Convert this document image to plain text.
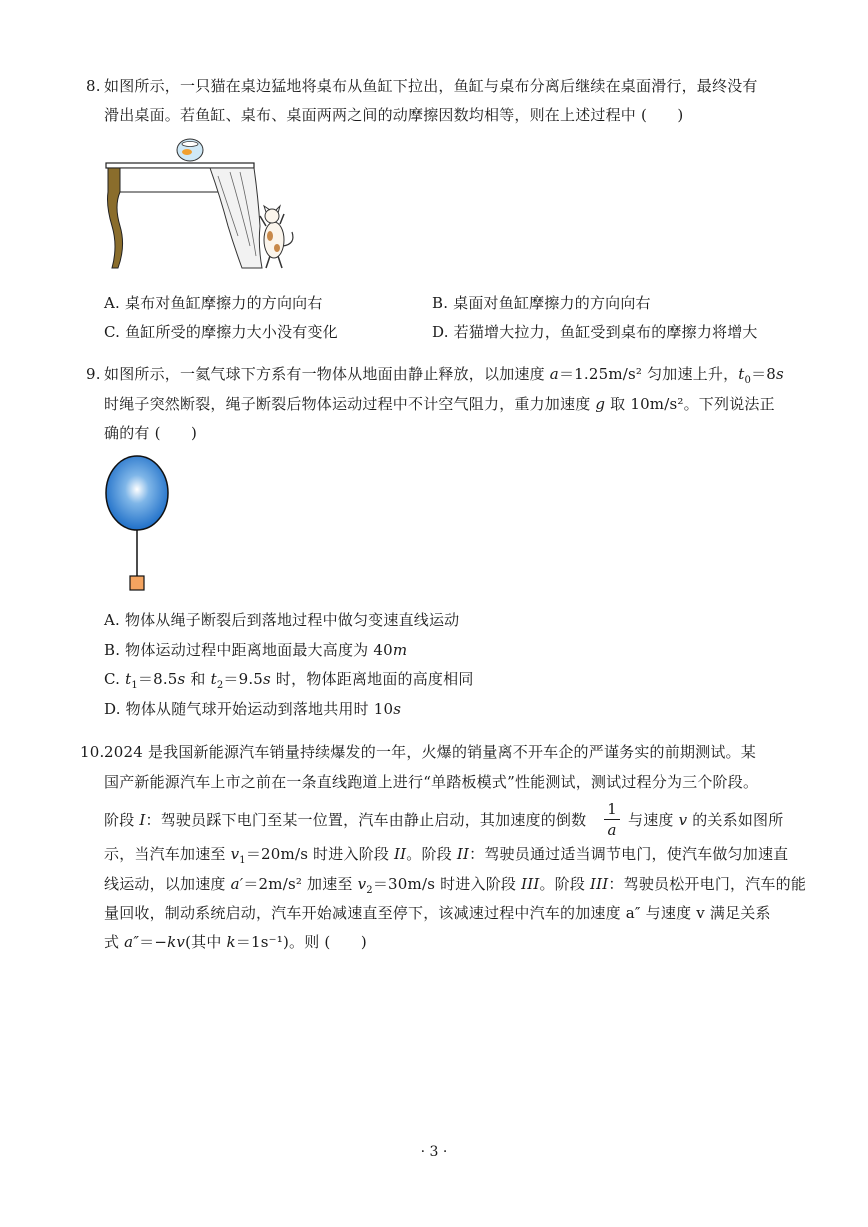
8. 如图所示，一只猫在桌边猛地将桌布从鱼缸下拉出，鱼缸与桌布分离后继续在桌面滑行，最终没有
滑出桌面。若鱼缸、桌布、桌面两两之间的动摩擦因数均相等，则在上述过程中 (　　)
A. 桌布对鱼缸摩擦力的方向向右	B. 桌面对鱼缸摩擦力的方向向右
C. 鱼缸所受的摩擦力大小没有变化	D. 若猫增大拉力，鱼缸受到桌布的摩擦力将增大
9. 如图所示，一氦气球下方系有一物体从地面由静止释放，以加速度 a＝1.25m/s² 匀加速上升，$t_0=8s$
时绳子突然断裂，绳子断裂后物体运动过程中不计空气阻力，重力加速度 g 取 10m/s²。下列说法正
确的有 (　　)
A. 物体从绳子断裂后到落地过程中做匀变速直线运动
B. 物体运动过程中距离地面最大高度为 40m
C. $t_1=8.5s$ 和 $t_2=9.5s$ 时，物体距离地面的高度相同
D. 物体从随气球开始运动到落地共用时 10s
10. 2024 是我国新能源汽车销量持续爆发的一年，火爆的销量离不开车企的严谨务实的前期测试。某
国产新能源汽车上市之前在一条直线跑道上进行“单踏板模式”性能测试，测试过程分为三个阶段。
阶段 I：驾驶员踩下电门至某一位置，汽车由静止启动，其加速度的倒数
1
a
与速度 v 的关系如图所
示，当汽车加速至 $v_1=20m/s$ 时进入阶段 II。阶段 II：驾驶员通过适当调节电门，使汽车做匀加速直
线运动，以加速度 a′＝2m/s² 加速至 $v_2=30m/s$ 时进入阶段 III。阶段 III：驾驶员松开电门，汽车的能
量回收，制动系统启动，汽车开始减速直至停下，该减速过程中汽车的加速度 a″ 与速度 v 满足关系
式 a″＝−kv(其中 k＝1s⁻¹)。则 (　　)
· 3 ·
